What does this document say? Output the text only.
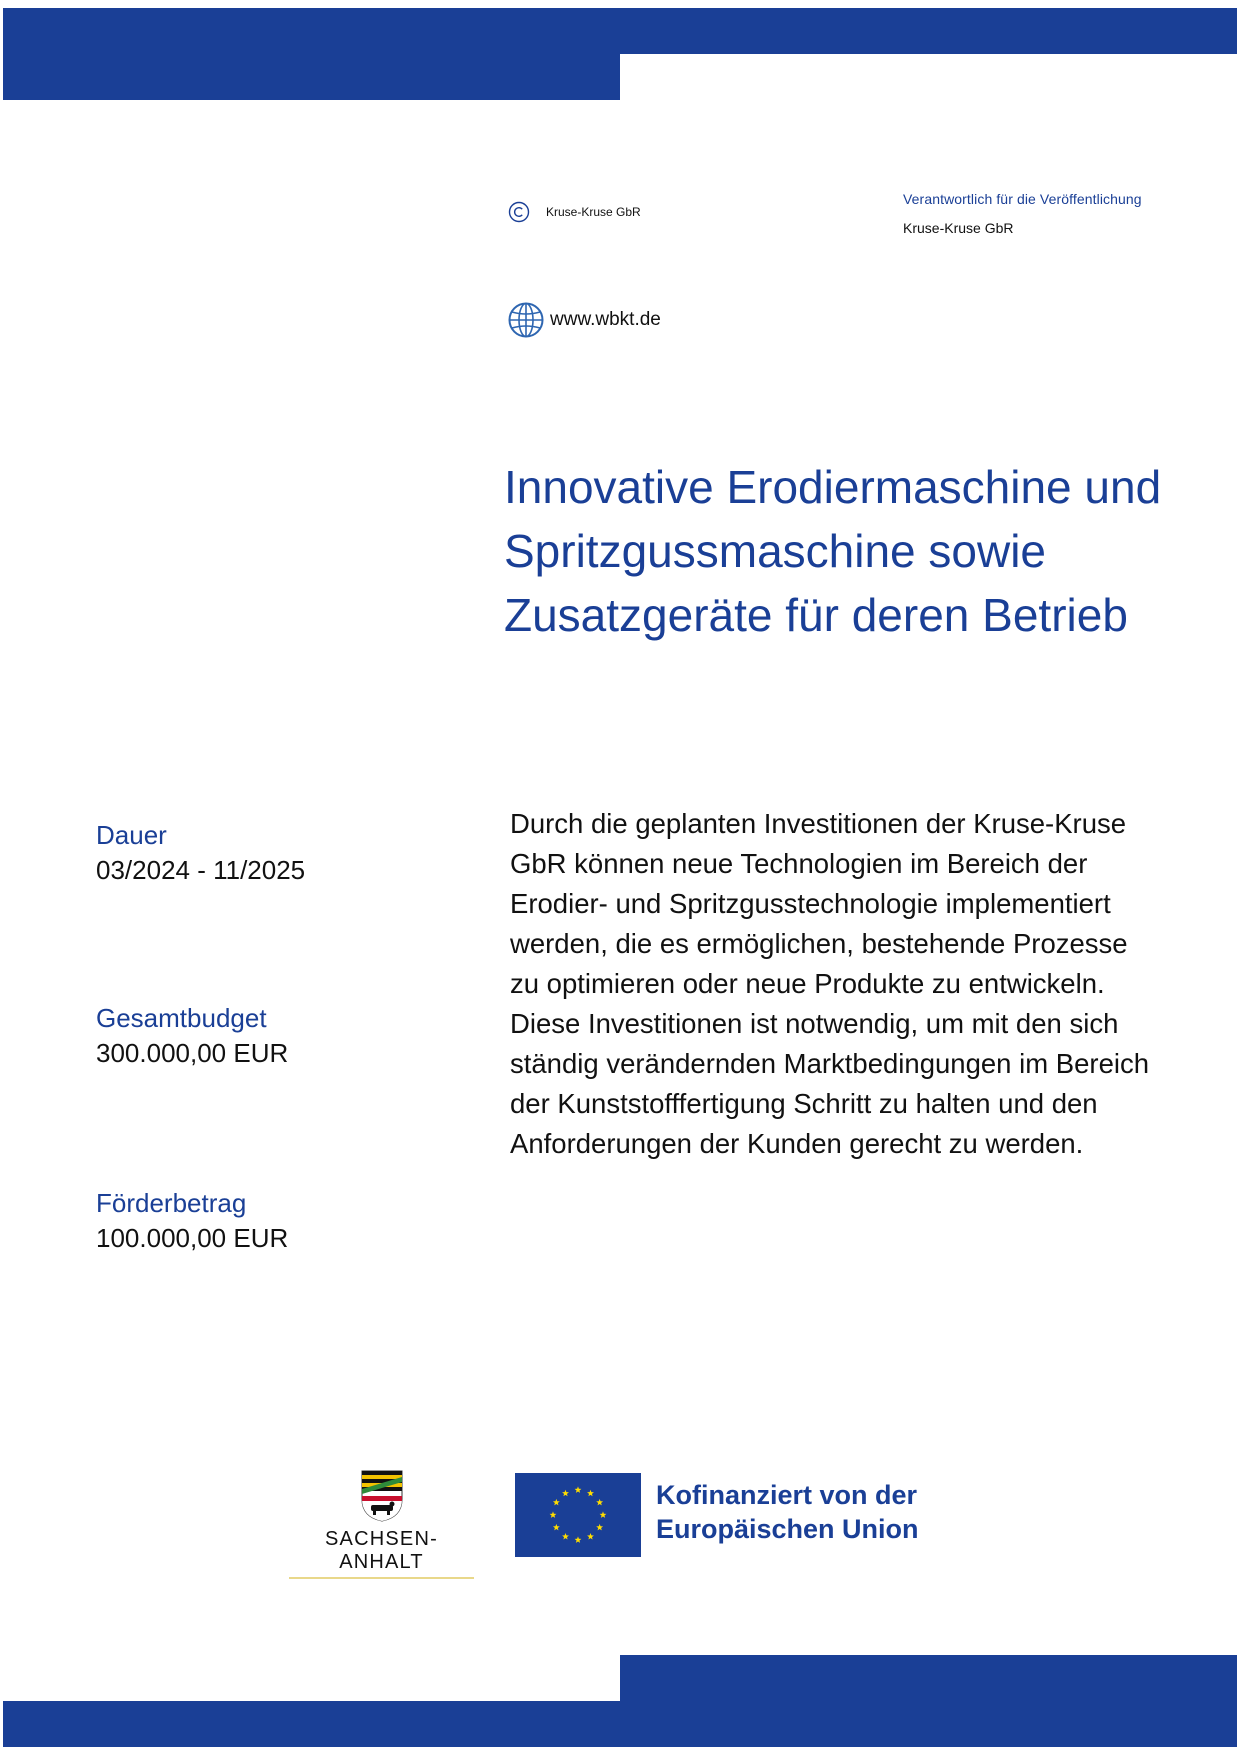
Kruse-Kruse GbR
Verantwortlich für die Veröffentlichung
Kruse-Kruse GbR
www.wbkt.de
Innovative Erodiermaschine und
Spritzgussmaschine sowie
Zusatzgeräte für deren Betrieb
Dauer
03/2024 - 11/2025
Gesamtbudget
300.000,00 EUR
Förderbetrag
100.000,00 EUR
Durch die geplanten Investitionen der Kruse-Kruse
GbR können neue Technologien im Bereich der
Erodier- und Spritzgusstechnologie implementiert
werden, die es ermöglichen, bestehende Prozesse
zu optimieren oder neue Produkte zu entwickeln.
Diese Investitionen ist notwendig, um mit den sich
ständig verändernden Marktbedingungen im Bereich
der Kunststofffertigung Schritt zu halten und den
Anforderungen der Kunden gerecht zu werden.
SACHSEN-ANHALT
Kofinanziert von der
Europäischen Union
